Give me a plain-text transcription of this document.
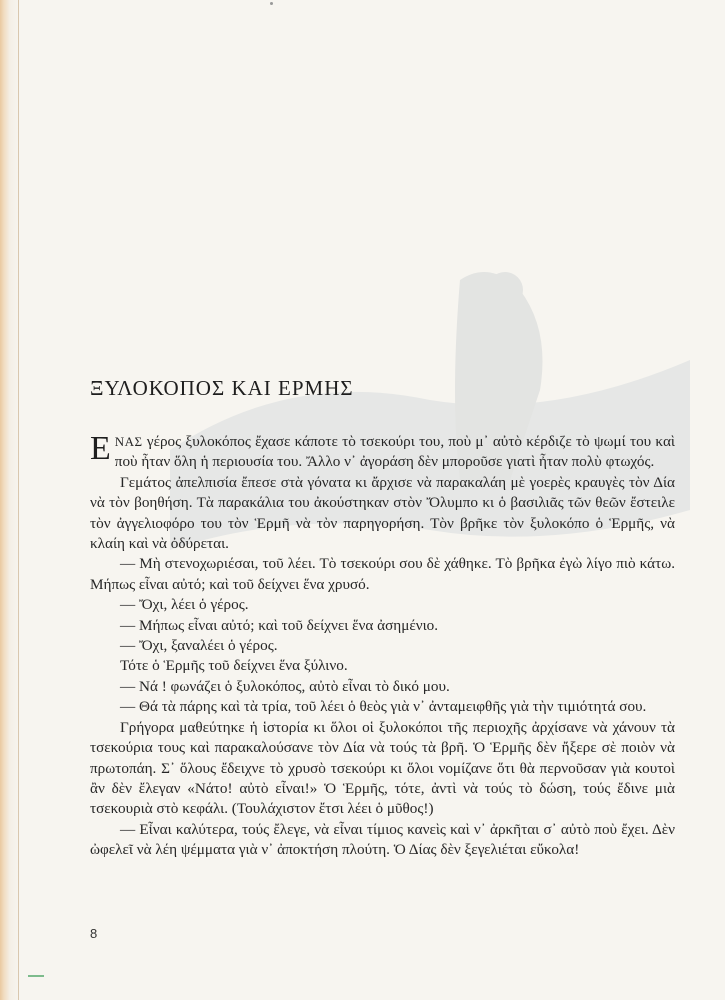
ΞΥΛΟΚΟΠΟΣ ΚΑΙ ΕΡΜΗΣ

ΕΝΑΣ γέρος ξυλοκόπος ἔχασε κάποτε τὸ τσεκούρι του, ποὺ μ᾿ αὐτὸ κέρδιζε τὸ ψωμί του καὶ ποὺ ἦταν ὅλη ἡ περιουσία του. Ἄλλο ν᾿ ἀγοράση δὲν μποροῦσε γιατὶ ἦταν πολὺ φτωχός.

Γεμάτος ἀπελπισία ἔπεσε στὰ γόνατα κι ἄρχισε νὰ παρακαλάη μὲ γοερὲς κραυγὲς τὸν Δία νὰ τὸν βοηθήση. Τὰ παρακάλια του ἀκούστηκαν στὸν Ὄλυμπο κι ὁ βασιλιᾶς τῶν θεῶν ἔστειλε τὸν ἀγγελιοφόρο του τὸν Ἑρμῆ νὰ τὸν παρηγορήση. Τὸν βρῆκε τὸν ξυλοκόπο ὁ Ἑρμῆς, νὰ κλαίη καὶ νὰ ὀδύρεται.

— Μὴ στενοχωριέσαι, τοῦ λέει. Τὸ τσεκούρι σου δὲ χάθηκε. Τὸ βρῆκα ἐγὼ λίγο πιὸ κάτω. Μήπως εἶναι αὐτό; καὶ τοῦ δείχνει ἕνα χρυσό.

— Ὄχι, λέει ὁ γέρος.

— Μήπως εἶναι αὐτό; καὶ τοῦ δείχνει ἕνα ἀσημένιο.

— Ὄχι, ξαναλέει ὁ γέρος.

Τότε ὁ Ἑρμῆς τοῦ δείχνει ἕνα ξύλινο.

— Νά ! φωνάζει ὁ ξυλοκόπος, αὐτὸ εἶναι τὸ δικό μου.

— Θά τὰ πάρης καὶ τὰ τρία, τοῦ λέει ὁ θεὸς γιὰ ν᾿ ἀνταμειφθῆς γιὰ τὴν τιμιότητά σου.

Γρήγορα μαθεύτηκε ἡ ἱστορία κι ὅλοι οἱ ξυλοκόποι τῆς περιοχῆς ἀρχίσανε νὰ χάνουν τὰ τσεκούρια τους καὶ παρακαλούσανε τὸν Δία νὰ τούς τὰ βρῆ. Ὁ Ἑρμῆς δὲν ἤξερε σὲ ποιὸν νὰ πρωτοπάη. Σ᾿ ὅλους ἔδειχνε τὸ χρυσὸ τσεκούρι κι ὅλοι νομίζανε ὅτι θὰ περνοῦσαν γιὰ κουτοὶ ἂν δὲν ἔλεγαν «Νάτο! αὐτὸ εἶναι!» Ὁ Ἑρμῆς, τότε, ἀντὶ νὰ τούς τὸ δώση, τούς ἔδινε μιὰ τσεκουριὰ στὸ κεφάλι. (Τουλάχιστον ἔτσι λέει ὁ μῦθος!)

— Εἶναι καλύτερα, τούς ἔλεγε, νὰ εἶναι τίμιος κανεὶς καὶ ν᾿ ἀρκῆται σ᾿ αὐτὸ ποὺ ἔχει. Δὲν ὠφελεῖ νὰ λέη ψέμματα γιὰ ν᾿ ἀποκτήση πλούτη. Ὁ Δίας δὲν ξεγελιέται εὔκολα!

8
